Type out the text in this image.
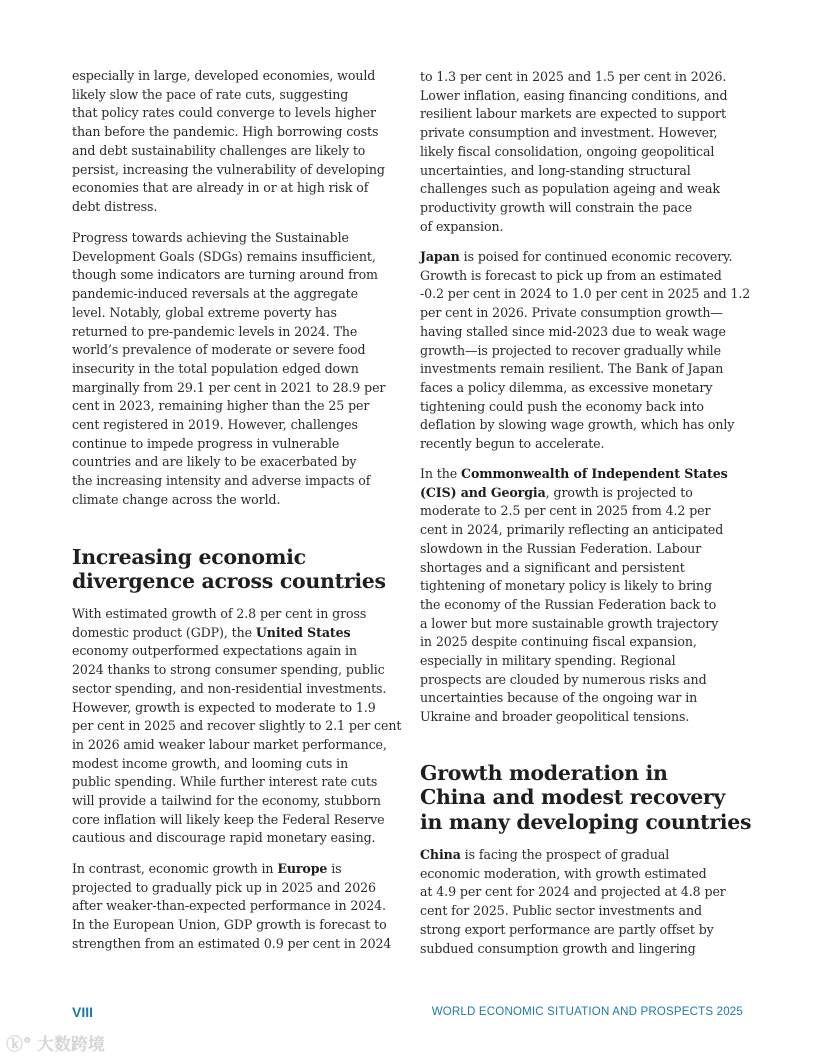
especially in large, developed economies, would
likely slow the pace of rate cuts, suggesting
that policy rates could converge to levels higher
than before the pandemic. High borrowing costs
and debt sustainability challenges are likely to
persist, increasing the vulnerability of developing
economies that are already in or at high risk of
debt distress.
Progress towards achieving the Sustainable
Development Goals (SDGs) remains insufficient,
though some indicators are turning around from
pandemic-induced reversals at the aggregate
level. Notably, global extreme poverty has
returned to pre-pandemic levels in 2024. The
world’s prevalence of moderate or severe food
insecurity in the total population edged down
marginally from 29.1 per cent in 2021 to 28.9 per
cent in 2023, remaining higher than the 25 per
cent registered in 2019. However, challenges
continue to impede progress in vulnerable
countries and are likely to be exacerbated by
the increasing intensity and adverse impacts of
climate change across the world.
Increasing economic
divergence across countries
With estimated growth of 2.8 per cent in gross
domestic product (GDP), the United States
economy outperformed expectations again in
2024 thanks to strong consumer spending, public
sector spending, and non-residential investments.
However, growth is expected to moderate to 1.9
per cent in 2025 and recover slightly to 2.1 per cent
in 2026 amid weaker labour market performance,
modest income growth, and looming cuts in
public spending. While further interest rate cuts
will provide a tailwind for the economy, stubborn
core inflation will likely keep the Federal Reserve
cautious and discourage rapid monetary easing.
In contrast, economic growth in Europe is
projected to gradually pick up in 2025 and 2026
after weaker-than-expected performance in 2024.
In the European Union, GDP growth is forecast to
strengthen from an estimated 0.9 per cent in 2024
to 1.3 per cent in 2025 and 1.5 per cent in 2026.
Lower inflation, easing financing conditions, and
resilient labour markets are expected to support
private consumption and investment. However,
likely fiscal consolidation, ongoing geopolitical
uncertainties, and long-standing structural
challenges such as population ageing and weak
productivity growth will constrain the pace
of expansion.
Japan is poised for continued economic recovery.
Growth is forecast to pick up from an estimated
-0.2 per cent in 2024 to 1.0 per cent in 2025 and 1.2
per cent in 2026. Private consumption growth—
having stalled since mid-2023 due to weak wage
growth—is projected to recover gradually while
investments remain resilient. The Bank of Japan
faces a policy dilemma, as excessive monetary
tightening could push the economy back into
deflation by slowing wage growth, which has only
recently begun to accelerate.
In the Commonwealth of Independent States
(CIS) and Georgia, growth is projected to
moderate to 2.5 per cent in 2025 from 4.2 per
cent in 2024, primarily reflecting an anticipated
slowdown in the Russian Federation. Labour
shortages and a significant and persistent
tightening of monetary policy is likely to bring
the economy of the Russian Federation back to
a lower but more sustainable growth trajectory
in 2025 despite continuing fiscal expansion,
especially in military spending. Regional
prospects are clouded by numerous risks and
uncertainties because of the ongoing war in
Ukraine and broader geopolitical tensions.
Growth moderation in
China and modest recovery
in many developing countries
China is facing the prospect of gradual
economic moderation, with growth estimated
at 4.9 per cent for 2024 and projected at 4.8 per
cent for 2025. Public sector investments and
strong export performance are partly offset by
subdued consumption growth and lingering
VIII	WORLD ECONOMIC SITUATION AND PROSPECTS 2025
ⓚ° 大数跨境
